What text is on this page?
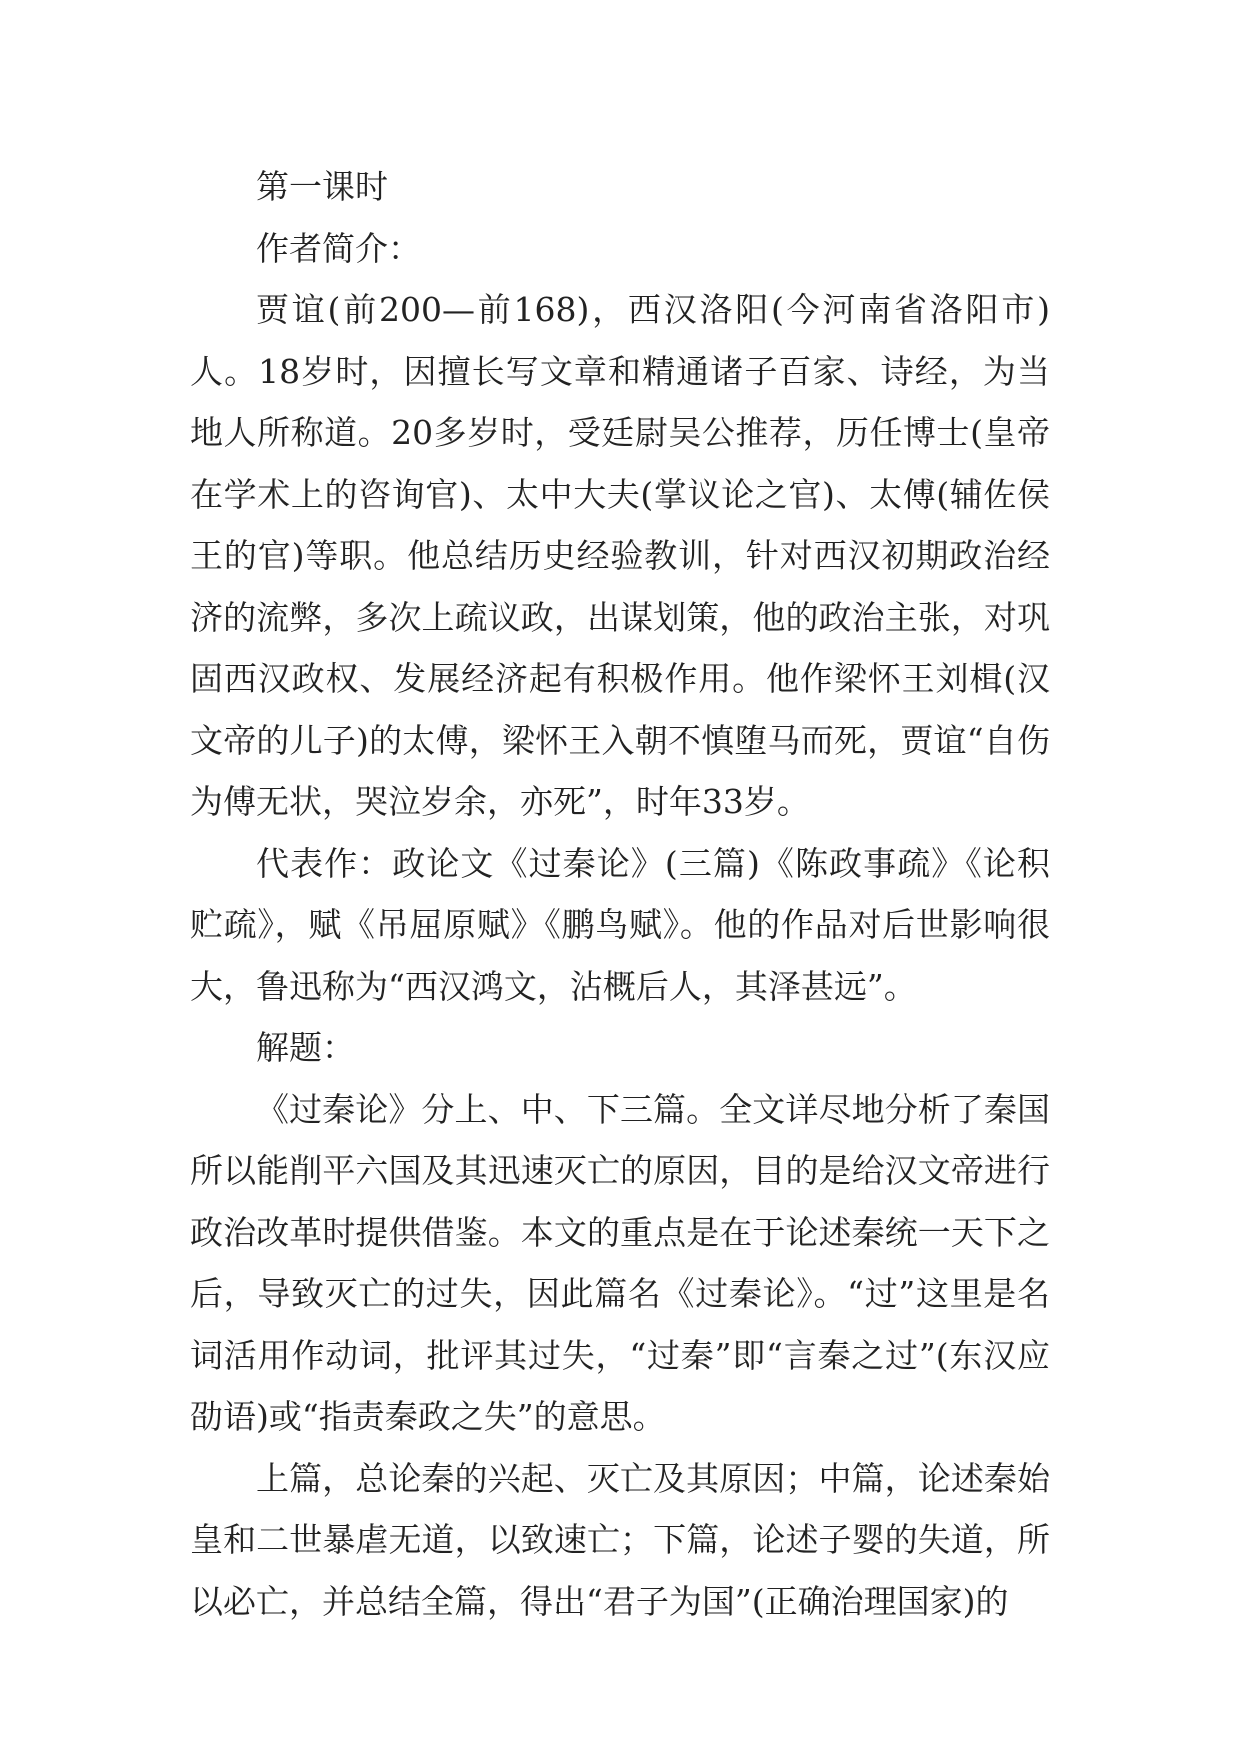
第一课时

作者简介：

贾谊(前200—前168)，西汉洛阳(今河南省洛阳市)人。18岁时，因擅长写文章和精通诸子百家、诗经，为当地人所称道。20多岁时，受廷尉吴公推荐，历任博士(皇帝在学术上的咨询官)、太中大夫(掌议论之官)、太傅(辅佐侯王的官)等职。他总结历史经验教训，针对西汉初期政治经济的流弊，多次上疏议政，出谋划策，他的政治主张，对巩固西汉政权、发展经济起有积极作用。他作梁怀王刘楫(汉文帝的儿子)的太傅，梁怀王入朝不慎堕马而死，贾谊“自伤为傅无状，哭泣岁余，亦死”，时年33岁。

代表作：政论文《过秦论》(三篇)《陈政事疏》《论积贮疏》，赋《吊屈原赋》《鹏鸟赋》。他的作品对后世影响很大，鲁迅称为“西汉鸿文，沾概后人，其泽甚远”。

解题：

《过秦论》分上、中、下三篇。全文详尽地分析了秦国所以能削平六国及其迅速灭亡的原因，目的是给汉文帝进行政治改革时提供借鉴。本文的重点是在于论述秦统一天下之后，导致灭亡的过失，因此篇名《过秦论》。“过”这里是名词活用作动词，批评其过失，“过秦”即“言秦之过”(东汉应劭语)或“指责秦政之失”的意思。

上篇，总论秦的兴起、灭亡及其原因；中篇，论述秦始皇和二世暴虐无道，以致速亡；下篇，论述子婴的失道，所以必亡，并总结全篇，得出“君子为国”(正确治理国家)的
